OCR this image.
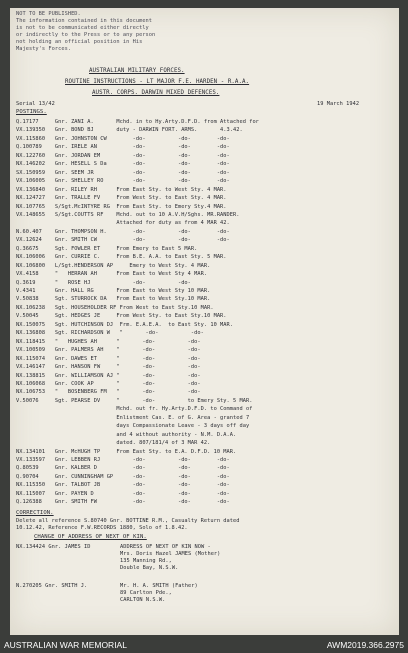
NOT TO BE PUBLISHED.
The information contained in this document
is not to be communicated either directly
or indirectly to the Press or to any person
not holding an official position in His
Majesty's Forces.
AUSTRALIAN MILITARY FORCES.
ROUTINE INSTRUCTIONS - LT MAJOR F.E. HARDEN - R.A.A.
AUSTR. CORPS. DARWIN MIXED DEFENCES.
Serial 13/42	19 March 1942
POSTINGS.
Q.17177     Gnr. ZANI A.       Mchd. in to Hy.Arty.D.F.D. from Attached for
VX.139350   Gnr. BOND BJ       duty - DARWIN FORT. ARMS.       4.3.42.
VX.115860   Gnr. JOHNSTON CW        -do-          -do-        -do-
Q.100789    Gnr. IRELE AN           -do-          -do-        -do-
NX.122760   Gnr. JORDAN EM          -do-          -do-        -do-
NX.146202   Gnr. HESELL S Da        -do-          -do-        -do-
SX.150959   Gnr. SEEM JR            -do-          -do-        -do-
VX.106005   Gnr. SHELLEY RO         -do-          -do-        -do-
VX.136840   Gnr. RILEY RH      From East Sty. to West Sty. 4 MAR.
NX.124727   Gnr. TRALLE FV     From West Sty. to East Sty. 4 MAR.
NX.107765   S/Sgt.McINTYRE RG  From East Sty. to Emery Sty.4 MAR.
VX.148655   S/Sgt.COUTTS RF    Mchd. out to 10 A.V.H/Sghs. MR.RANDER.
Attached for duty as from 4 MAR 42.
N.60.407    Gnr. THOMPSON H.        -do-          -do-        -do-
VX.12624    Gnr. SMITH CW           -do-          -do-        -do-
Q.36675     Sgt. FOWLER ET     From Emery to East 5 MAR.
NX.106006   Gnr. CURRIE C.     From B.E. A.A. to East Sty. 5 MAR.
NX.106800   L/Sgt.HENDERSON AP     Emery to West Sty. 4 MAR.
VX.4158     "   HERRAN AH      From East to West Sty 4 MAR.
Q.3619      "   ROSE HJ             -do-          -do-
V.4341      Gnr. HALL RG       From East to West Sty 10 MAR.
V.50838     Sgt. STURROCK DA   From East to West Sty.10 MAR.
NX.106238   Sgt. HOUSEHOLDER RF From West to East Sty.10 MAR.
V.50045     Sgt. HEDGES JE     From West Sty. to East Sty.10 MAR.
NX.150075   Sgt. HUTCHINSON DJ  Frm. E.A.E.A.  to East Sty. 10 MAR.
NX.136808   Sgt. RICHARDSON W   "       -do-          -do-
NX.118415   "   HUGHES AH      "       -do-          -do-
VX.100509   Gnr. PALMERS AH    "       -do-          -do-
NX.115074   Gnr. DAWES ET      "       -do-          -do-
VX.146147   Gnr. HANSON FW     "       -do-          -do-
NX.138815   Gnr. WILLIAMSON AJ "       -do-          -do-
NX.106068   Gnr. COOK AP       "       -do-          -do-
NX.106753   "   BOSENBERG FM   "       -do-          -do-
V.50076     Sgt. PEARSE DV     "       -do-          to Emery Sty. 5 MAR.
Mchd. out fr. Hy.Arty.D.F.D. to Command of
Enlistment Cas. E. of G. Area - granted 7
days Compassionate Leave - 3 days off day
and 4 without authority - N.M. D.A.A.
dated. 807/181/4 of 3 MAR 42.
NX.134101   Gnr. McHUGH TP     From East Sty. to E.A. D.F.D. 10 MAR.
VX.133597   Gnr. LEBBEN RJ          -do-          -do-        -do-
Q.80539     Gnr. KALBER D           -do-          -do-        -do-
Q.90704     Gnr. CUNNINGHAM GP      -do-          -do-        -do-
NX.115350   Gnr. TALBOT JB          -do-          -do-        -do-
NX.115007   Gnr. PAYEN D            -do-          -do-        -do-
Q.126388    Gnr. SMITH FW           -do-          -do-        -do-
CORRECTION.
Delete all reference S.80740 Gnr. BOTTINE R.M., Casualty Return dated
10.12.42, Reference F.W.RECORDS 1880, Solo of 1.8.42.
CHANGE OF ADDRESS OF NEXT OF KIN.
NX.134424 Gnr. JAMES ID	ADDRESS OF NEXT OF KIN NOW -
Mrs. Doris Hazel JAMES (Mother)
135 Manning Rd.,
Double Bay, N.S.W.
N.270205 Gnr. SMITH J.	Mr. H. A. SMITH (Father)
89 Carlton Pde.,
CARLTON N.S.W.
AUSTRALIAN WAR MEMORIAL	AWM2019.366.2975
